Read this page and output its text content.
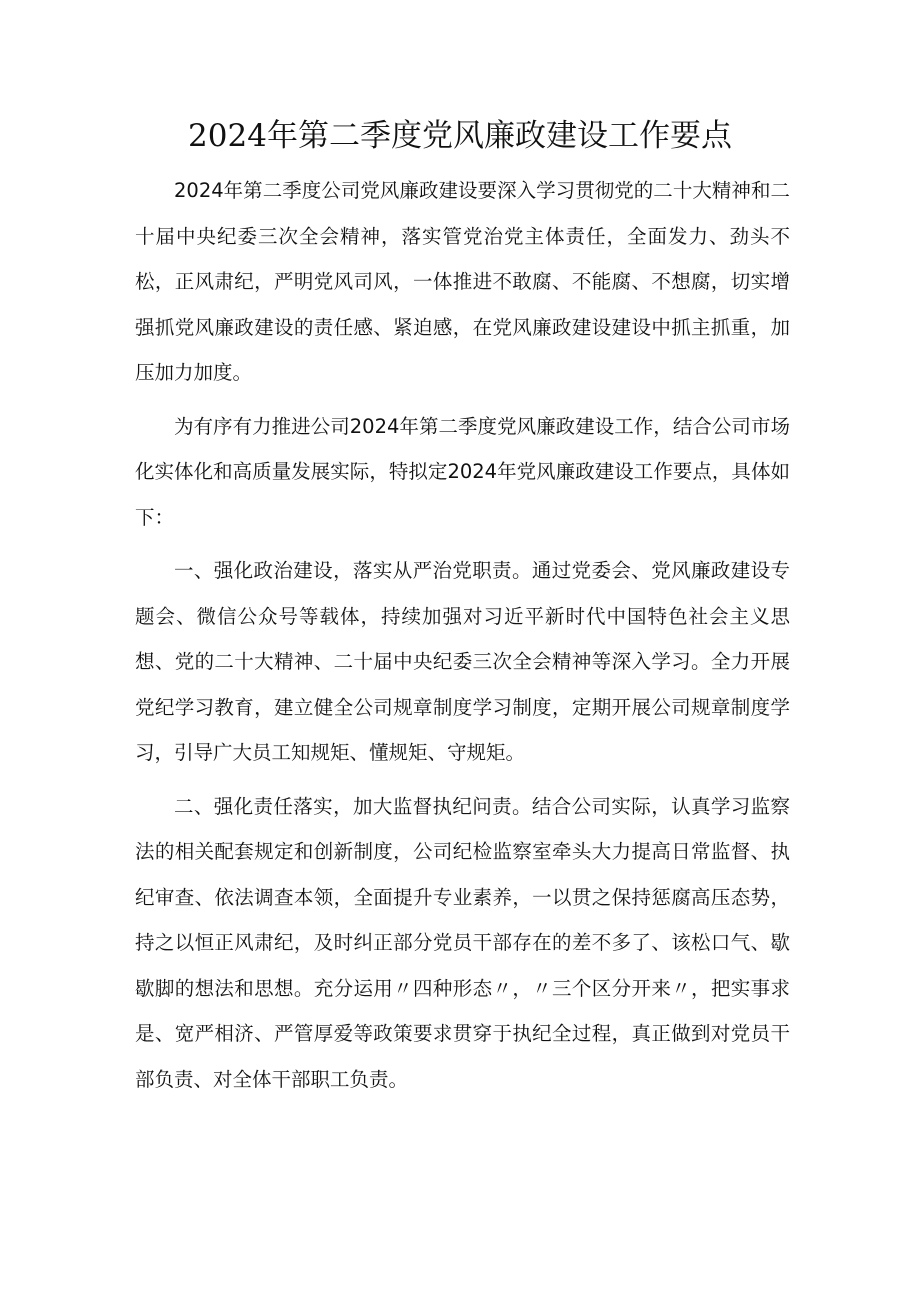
2024年第二季度党风廉政建设工作要点

2024年第二季度公司党风廉政建设要深入学习贯彻党的二十大精神和二十届中央纪委三次全会精神，落实管党治党主体责任，全面发力、劲头不松，正风肃纪，严明党风司风，一体推进不敢腐、不能腐、不想腐，切实增强抓党风廉政建设的责任感、紧迫感，在党风廉政建设建设中抓主抓重，加压加力加度。

为有序有力推进公司2024年第二季度党风廉政建设工作，结合公司市场化实体化和高质量发展实际，特拟定2024年党风廉政建设工作要点，具体如下：

一、强化政治建设，落实从严治党职责。通过党委会、党风廉政建设专题会、微信公众号等载体，持续加强对习近平新时代中国特色社会主义思想、党的二十大精神、二十届中央纪委三次全会精神等深入学习。全力开展党纪学习教育，建立健全公司规章制度学习制度，定期开展公司规章制度学习，引导广大员工知规矩、懂规矩、守规矩。

二、强化责任落实，加大监督执纪问责。结合公司实际，认真学习监察法的相关配套规定和创新制度，公司纪检监察室牵头大力提高日常监督、执纪审查、依法调查本领，全面提升专业素养，一以贯之保持惩腐高压态势，持之以恒正风肃纪，及时纠正部分党员干部存在的差不多了、该松口气、歇歇脚的想法和思想。充分运用〃四种形态〃，〃三个区分开来〃，把实事求是、宽严相济、严管厚爱等政策要求贯穿于执纪全过程，真正做到对党员干部负责、对全体干部职工负责。
